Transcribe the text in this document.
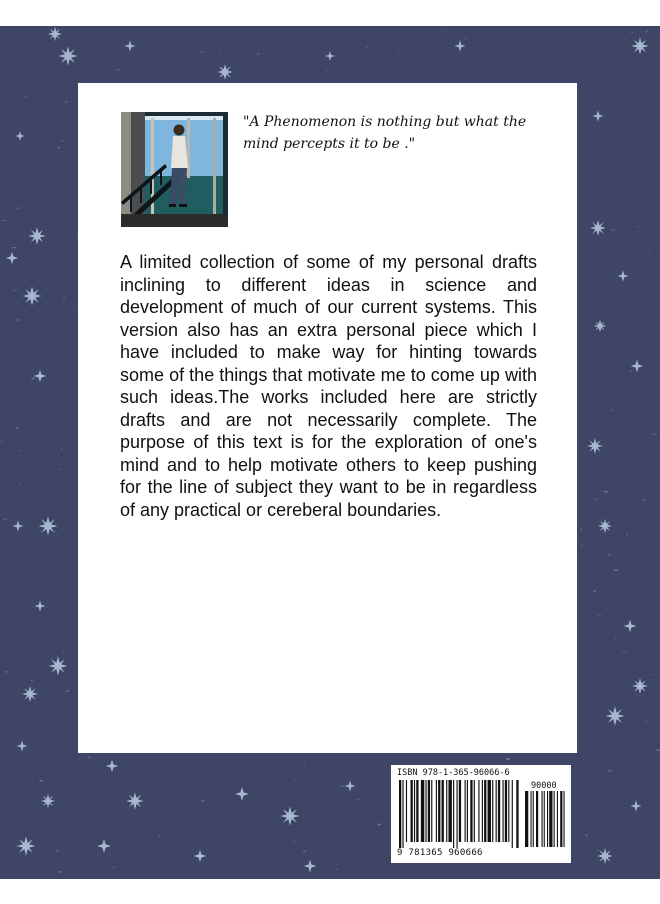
"A Phenomenon is nothing but what the
mind percepts it to be ."

A limited collection of some of my personal drafts inclining to different ideas in science and development of much of our current systems. This version also has an extra personal piece which I have included to make way for hinting towards some of the things that motivate me to come up with such ideas.The works included here are strictly drafts and are not necessarily complete. The purpose of this text is for the exploration of one's mind and to help motivate others to keep pushing for the line of subject they want to be in regardless of any practical or cereberal boundaries.

ISBN 978-1-365-96066-6
90000
9 781365 960666
